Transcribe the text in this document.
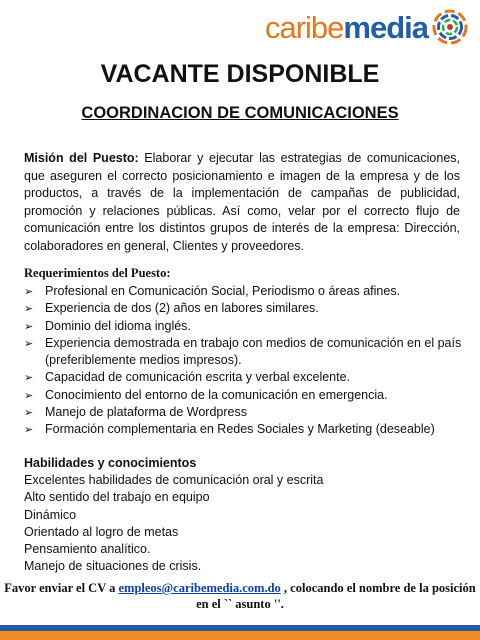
caribemedia
VACANTE DISPONIBLE
COORDINACION DE COMUNICACIONES

Misión del Puesto: Elaborar y ejecutar las estrategias de comunicaciones, que aseguren el correcto posicionamiento e imagen de la empresa y de los productos, a través de la implementación de campañas de publicidad, promoción y relaciones públicas. Así como, velar por el correcto flujo de comunicación entre los distintos grupos de interés de la empresa: Dirección, colaboradores en general, Clientes y proveedores.

Requerimientos del Puesto:

➢ Profesional en Comunicación Social, Periodismo o áreas afines.
➢ Experiencia de dos (2) años en labores similares.
➢ Dominio del idioma inglés.
➢ Experiencia demostrada en trabajo con medios de comunicación en el país (preferiblemente medios impresos).
➢ Capacidad de comunicación escrita y verbal excelente.
➢ Conocimiento del entorno de la comunicación en emergencia.
➢ Manejo de plataforma de Wordpress
➢ Formación complementaria en Redes Sociales y Marketing (deseable)

Habilidades y conocimientos

Excelentes habilidades de comunicación oral y escrita
Alto sentido del trabajo en equipo
Dinámico
Orientado al logro de metas
Pensamiento analítico.
Manejo de situaciones de crisis.

Favor enviar el CV a empleos@caribemedia.com.do , colocando el nombre de la posición en el `` asunto ''.
